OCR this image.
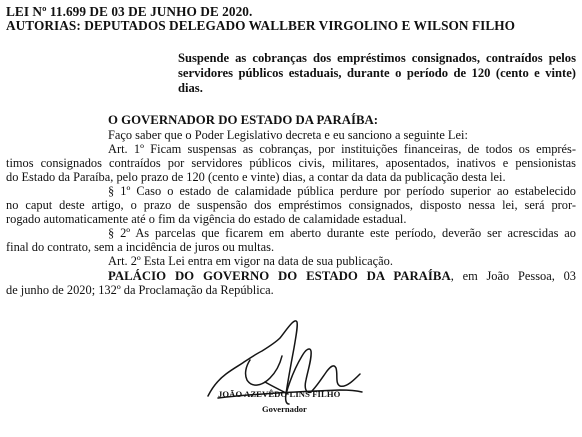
LEI Nº 11.699 DE 03 DE JUNHO DE 2020.
AUTORIAS: DEPUTADOS DELEGADO WALLBER VIRGOLINO E WILSON FILHO
Suspende as cobranças dos empréstimos consignados, contraídos pelos servidores públicos estaduais, durante o período de 120 (cento e vinte) dias.
O GOVERNADOR DO ESTADO DA PARAÍBA:
Faço saber que o Poder Legislativo decreta e eu sanciono a seguinte Lei:
Art. 1º Ficam suspensas as cobranças, por instituições financeiras, de todos os emprés-
timos consignados contraídos por servidores públicos civis, militares, aposentados, inativos e pensionistas
do Estado da Paraíba, pelo prazo de 120 (cento e vinte) dias, a contar da data da publicação desta lei.
§ 1º Caso o estado de calamidade pública perdure por período superior ao estabelecido
no caput deste artigo, o prazo de suspensão dos empréstimos consignados, disposto nessa lei, será pror-
rogado automaticamente até o fim da vigência do estado de calamidade estadual.
§ 2º As parcelas que ficarem em aberto durante este período, deverão ser acrescidas ao
final do contrato, sem a incidência de juros ou multas.
Art. 2º Esta Lei entra em vigor na data de sua publicação.
PALÁCIO DO GOVERNO DO ESTADO DA PARAÍBA, em João Pessoa, 03
de junho de 2020; 132º da Proclamação da República.
JOÃO AZEVÊDO LINS FILHO
Governador
